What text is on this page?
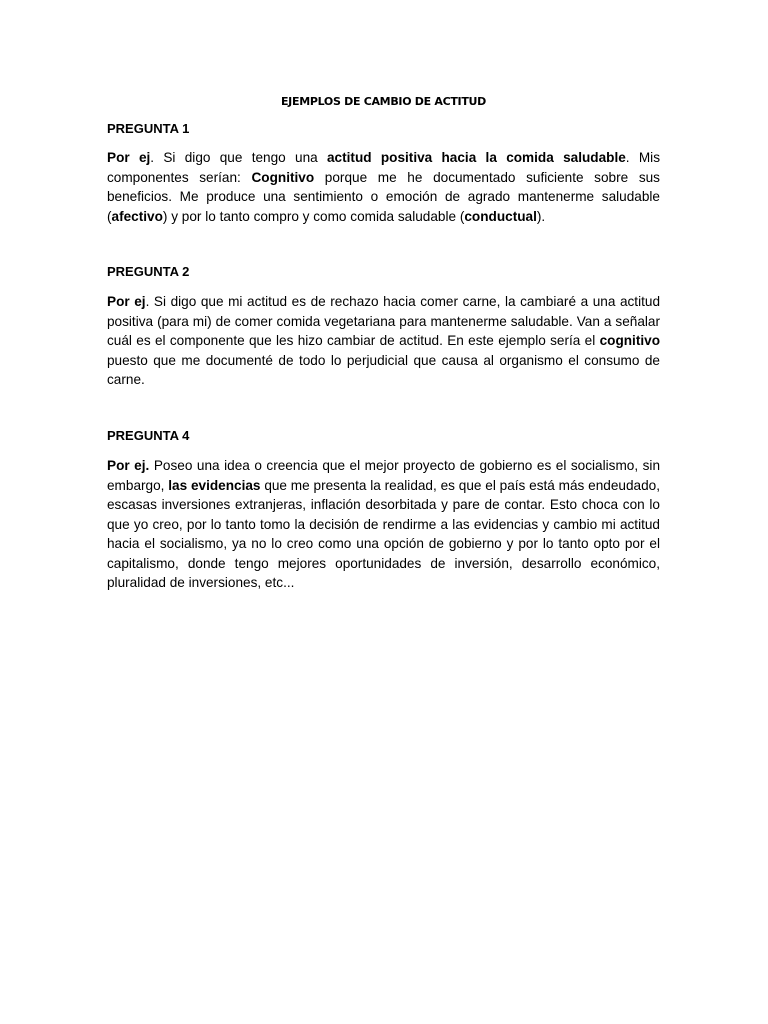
EJEMPLOS DE CAMBIO DE ACTITUD
PREGUNTA 1

Por ej. Si digo que tengo una actitud positiva hacia la comida saludable. Mis componentes serían: Cognitivo porque me he documentado suficiente sobre sus beneficios. Me produce una sentimiento o emoción de agrado mantenerme saludable (afectivo) y por lo tanto compro y como comida saludable (conductual).

PREGUNTA 2

Por ej. Si digo que mi actitud es de rechazo hacia comer carne, la cambiaré a una actitud positiva (para mi) de comer comida vegetariana para mantenerme saludable. Van a señalar cuál es el componente que les hizo cambiar de actitud. En este ejemplo sería el cognitivo puesto que me documenté de todo lo perjudicial que causa al organismo el consumo de carne.

PREGUNTA 4

Por ej. Poseo una idea o creencia que el mejor proyecto de gobierno es el socialismo, sin embargo, las evidencias que me presenta la realidad, es que el país está más endeudado, escasas inversiones extranjeras, inflación desorbitada y pare de contar. Esto choca con lo que yo creo, por lo tanto tomo la decisión de rendirme a las evidencias y cambio mi actitud hacia el socialismo, ya no lo creo como una opción de gobierno y por lo tanto opto por el capitalismo, donde tengo mejores oportunidades de inversión, desarrollo económico, pluralidad de inversiones, etc...
